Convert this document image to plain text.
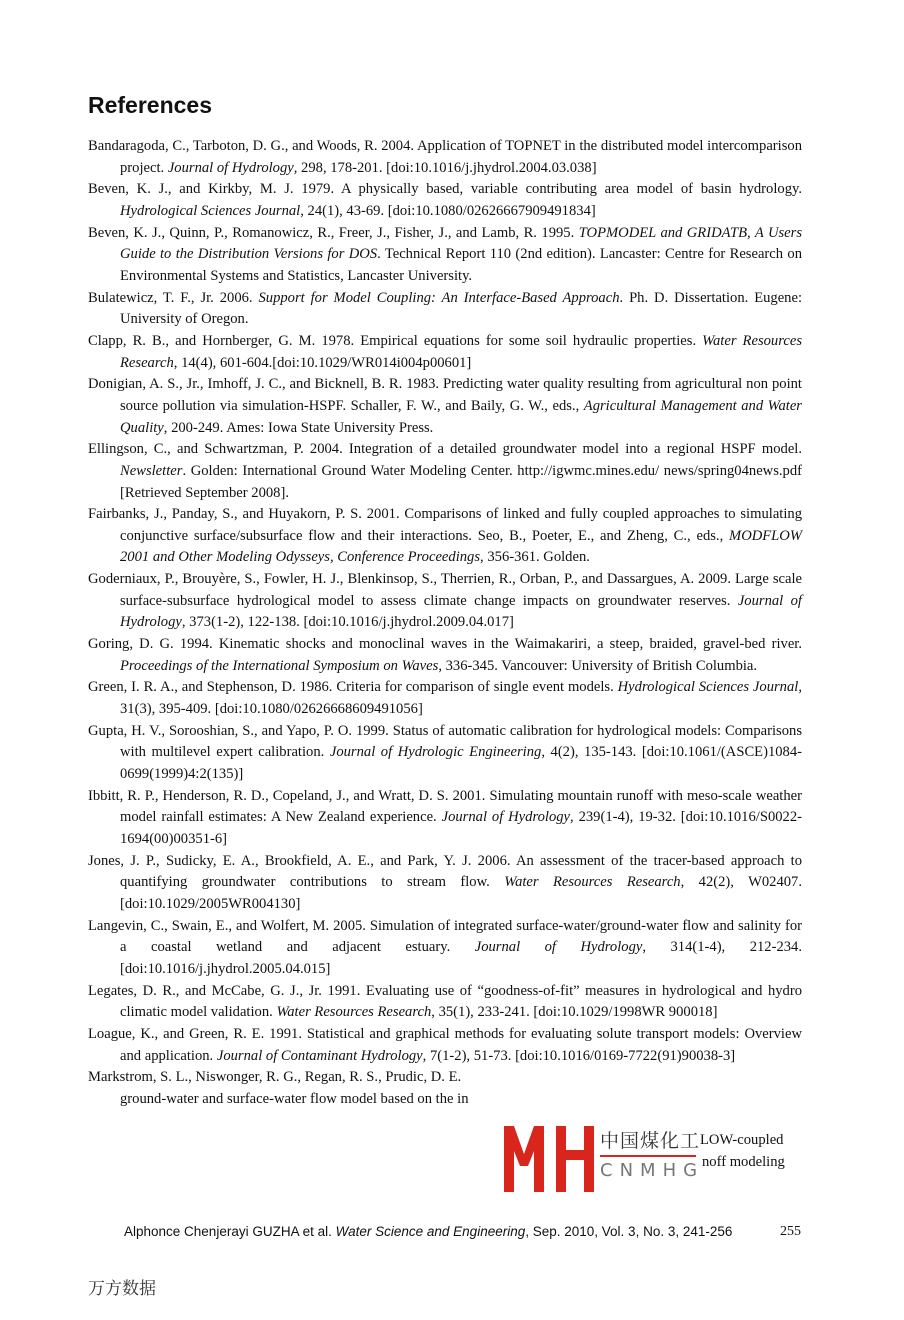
References

Bandaragoda, C., Tarboton, D. G., and Woods, R. 2004. Application of TOPNET in the distributed model intercomparison project. Journal of Hydrology, 298, 178-201. [doi:10.1016/j.jhydrol.2004.03.038]

Beven, K. J., and Kirkby, M. J. 1979. A physically based, variable contributing area model of basin hydrology. Hydrological Sciences Journal, 24(1), 43-69. [doi:10.1080/02626667909491834]

Beven, K. J., Quinn, P., Romanowicz, R., Freer, J., Fisher, J., and Lamb, R. 1995. TOPMODEL and GRIDATB, A Users Guide to the Distribution Versions for DOS. Technical Report 110 (2nd edition). Lancaster: Centre for Research on Environmental Systems and Statistics, Lancaster University.

Bulatewicz, T. F., Jr. 2006. Support for Model Coupling: An Interface-Based Approach. Ph. D. Dissertation. Eugene: University of Oregon.

Clapp, R. B., and Hornberger, G. M. 1978. Empirical equations for some soil hydraulic properties. Water Resources Research, 14(4), 601-604.[doi:10.1029/WR014i004p00601]

Donigian, A. S., Jr., Imhoff, J. C., and Bicknell, B. R. 1983. Predicting water quality resulting from agricultural non point source pollution via simulation-HSPF. Schaller, F. W., and Baily, G. W., eds., Agricultural Management and Water Quality, 200-249. Ames: Iowa State University Press.

Ellingson, C., and Schwartzman, P. 2004. Integration of a detailed groundwater model into a regional HSPF model. Newsletter. Golden: International Ground Water Modeling Center. http://igwmc.mines.edu/ news/spring04news.pdf [Retrieved September 2008].

Fairbanks, J., Panday, S., and Huyakorn, P. S. 2001. Comparisons of linked and fully coupled approaches to simulating conjunctive surface/subsurface flow and their interactions. Seo, B., Poeter, E., and Zheng, C., eds., MODFLOW 2001 and Other Modeling Odysseys, Conference Proceedings, 356-361. Golden.

Goderniaux, P., Brouyère, S., Fowler, H. J., Blenkinsop, S., Therrien, R., Orban, P., and Dassargues, A. 2009. Large scale surface-subsurface hydrological model to assess climate change impacts on groundwater reserves. Journal of Hydrology, 373(1-2), 122-138. [doi:10.1016/j.jhydrol.2009.04.017]

Goring, D. G. 1994. Kinematic shocks and monoclinal waves in the Waimakariri, a steep, braided, gravel-bed river. Proceedings of the International Symposium on Waves, 336-345. Vancouver: University of British Columbia.

Green, I. R. A., and Stephenson, D. 1986. Criteria for comparison of single event models. Hydrological Sciences Journal, 31(3), 395-409. [doi:10.1080/02626668609491056]

Gupta, H. V., Sorooshian, S., and Yapo, P. O. 1999. Status of automatic calibration for hydrological models: Comparisons with multilevel expert calibration. Journal of Hydrologic Engineering, 4(2), 135-143. [doi:10.1061/(ASCE)1084-0699(1999)4:2(135)]

Ibbitt, R. P., Henderson, R. D., Copeland, J., and Wratt, D. S. 2001. Simulating mountain runoff with meso-scale weather model rainfall estimates: A New Zealand experience. Journal of Hydrology, 239(1-4), 19-32. [doi:10.1016/S0022-1694(00)00351-6]

Jones, J. P., Sudicky, E. A., Brookfield, A. E., and Park, Y. J. 2006. An assessment of the tracer-based approach to quantifying groundwater contributions to stream flow. Water Resources Research, 42(2), W02407. [doi:10.1029/2005WR004130]

Langevin, C., Swain, E., and Wolfert, M. 2005. Simulation of integrated surface-water/ground-water flow and salinity for a coastal wetland and adjacent estuary. Journal of Hydrology, 314(1-4), 212-234. [doi:10.1016/j.jhydrol.2005.04.015]

Legates, D. R., and McCabe, G. J., Jr. 1991. Evaluating use of “goodness-of-fit” measures in hydrological and hydro climatic model validation. Water Resources Research, 35(1), 233-241. [doi:10.1029/1998WR 900018]

Loague, K., and Green, R. E. 1991. Statistical and graphical methods for evaluating solute transport models: Overview and application. Journal of Contaminant Hydrology, 7(1-2), 51-73. [doi:10.1016/0169-7722(91)90038-3]

Markstrom, S. L., Niswonger, R. G., Regan, R. S., Prudic, D. E.
ground-water and surface-water flow model based on the in

中国煤化工
CNMHG
LOW-coupled
noff modeling
Alphonce Chenjerayi GUZHA et al. Water Science and Engineering, Sep. 2010, Vol. 3, No. 3, 241-256	255
万方数据
